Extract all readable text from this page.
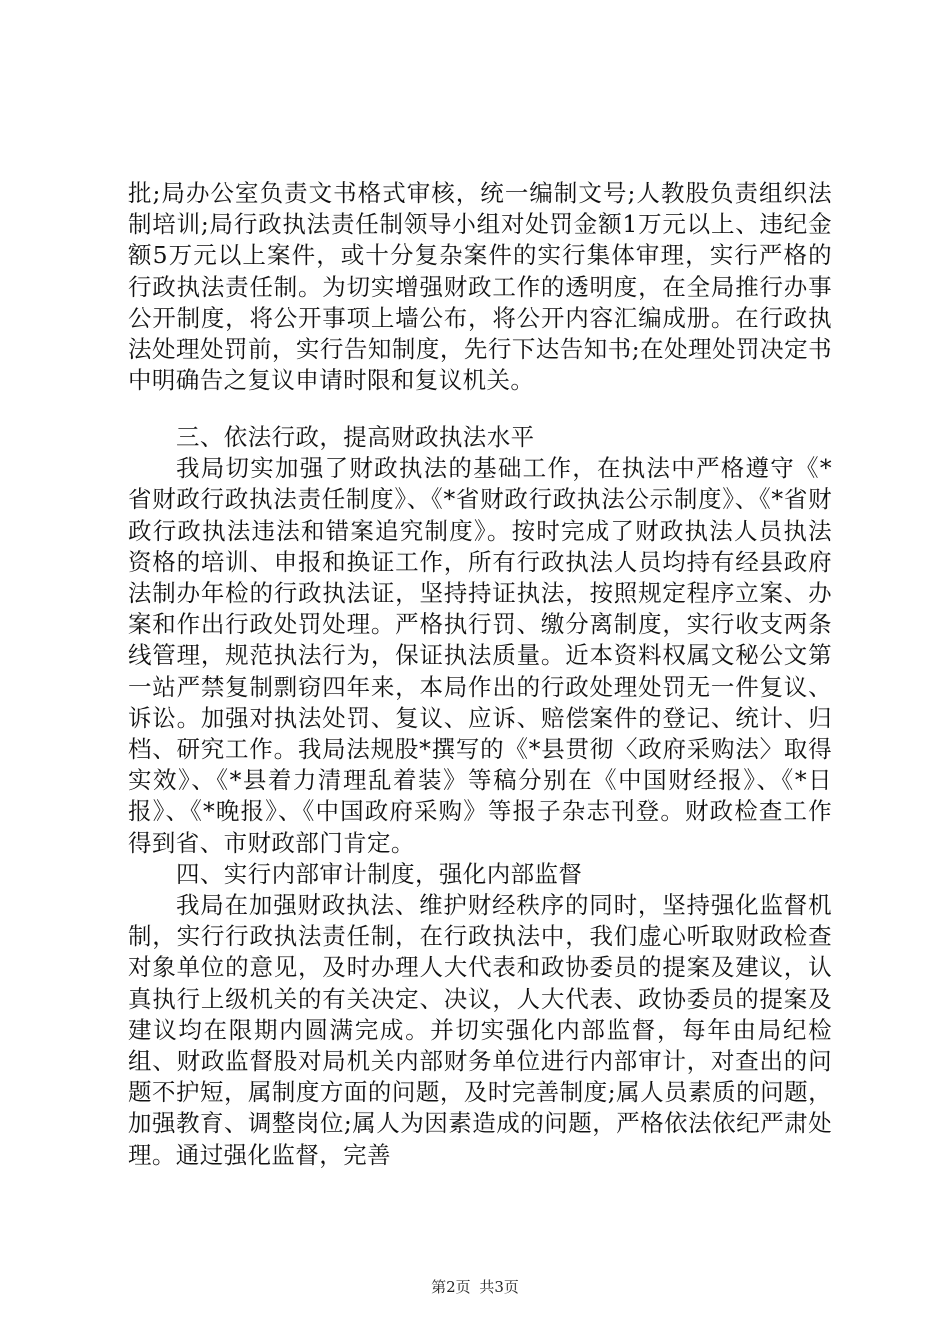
批;局办公室负责文书格式审核，统一编制文号;人教股负责组织法制培训;局行政执法责任制领导小组对处罚金额1万元以上、违纪金额5万元以上案件，或十分复杂案件的实行集体审理，实行严格的行政执法责任制。为切实增强财政工作的透明度，在全局推行办事公开制度，将公开事项上墙公布，将公开内容汇编成册。在行政执法处理处罚前，实行告知制度，先行下达告知书;在处理处罚决定书中明确告之复议申请时限和复议机关。

三、依法行政，提高财政执法水平

我局切实加强了财政执法的基础工作，在执法中严格遵守《*省财政行政执法责任制度》、《*省财政行政执法公示制度》、《*省财政行政执法违法和错案追究制度》。按时完成了财政执法人员执法资格的培训、申报和换证工作，所有行政执法人员均持有经县政府法制办年检的行政执法证，坚持持证执法，按照规定程序立案、办案和作出行政处罚处理。严格执行罚、缴分离制度，实行收支两条线管理，规范执法行为，保证执法质量。近本资料权属文秘公文第一站严禁复制剽窃四年来，本局作出的行政处理处罚无一件复议、诉讼。加强对执法处罚、复议、应诉、赔偿案件的登记、统计、归档、研究工作。我局法规股*撰写的《*县贯彻〈政府采购法〉取得实效》、《*县着力清理乱着装》等稿分别在《中国财经报》、《*日报》、《*晚报》、《中国政府采购》等报子杂志刊登。财政检查工作得到省、市财政部门肯定。

四、实行内部审计制度，强化内部监督

我局在加强财政执法、维护财经秩序的同时，坚持强化监督机制，实行行政执法责任制，在行政执法中，我们虚心听取财政检查对象单位的意见，及时办理人大代表和政协委员的提案及建议，认真执行上级机关的有关决定、决议，人大代表、政协委员的提案及建议均在限期内圆满完成。并切实强化内部监督，每年由局纪检组、财政监督股对局机关内部财务单位进行内部审计，对查出的问题不护短，属制度方面的问题，及时完善制度;属人员素质的问题，加强教育、调整岗位;属人为因素造成的问题，严格依法依纪严肃处理。通过强化监督，完善

第2页 共3页
